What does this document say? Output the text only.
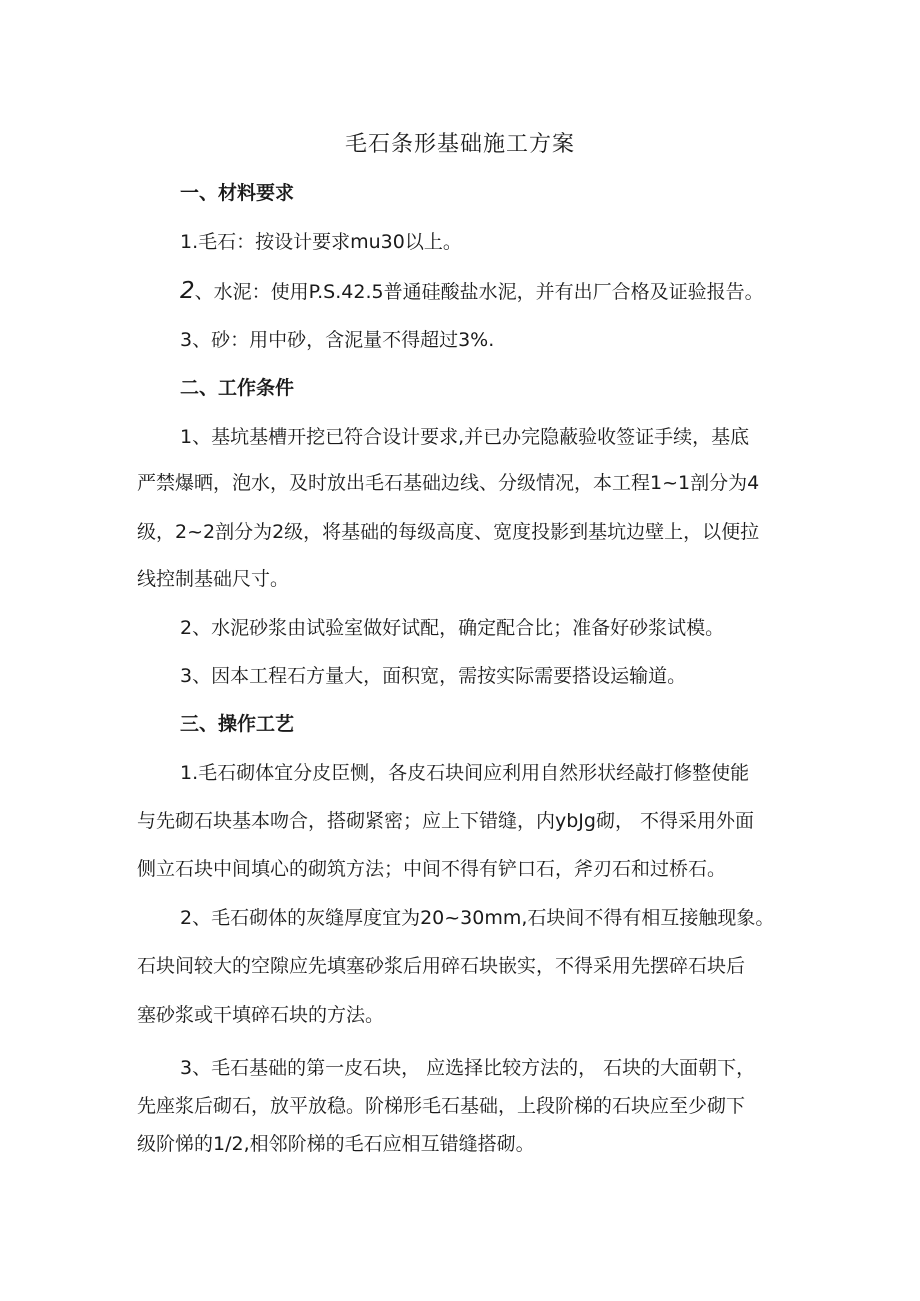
毛石条形基础施工方案
一、材料要求
1.毛石：按设计要求mu30以上。
2、水泥：使用P.S.42.5普通硅酸盐水泥，并有出厂合格及证验报告。
3、砂：用中砂，含泥量不得超过3%.
二、工作条件
1、基坑基槽开挖已符合设计要求,并已办完隐蔽验收签证手续，基底
严禁爆晒，泡水，及时放出毛石基础边线、分级情况，本工程1~1剖分为4
级，2~2剖分为2级，将基础的每级高度、宽度投影到基坑边壁上，以便拉
线控制基础尺寸。
2、水泥砂浆由试验室做好试配，确定配合比；准备好砂浆试模。
3、因本工程石方量大，面积宽，需按实际需要搭设运输道。
三、操作工艺
1.毛石砌体宜分皮臣恻，各皮石块间应利用自然形状经敲打修整使能
与先砌石块基本吻合，搭砌紧密；应上下错缝，内ybJg砌， 不得采用外面
侧立石块中间填心的砌筑方法；中间不得有铲口石，斧刃石和过桥石。
2、毛石砌体的灰缝厚度宜为20~30mm,石块间不得有相互接触现象。
石块间较大的空隙应先填塞砂浆后用碎石块嵌实，不得采用先摆碎石块后
塞砂浆或干填碎石块的方法。
3、毛石基础的第一皮石块， 应选择比较方法的， 石块的大面朝下，
先座浆后砌石，放平放稳。阶梯形毛石基础，上段阶梯的石块应至少砌下
级阶悌的1/2,相邻阶梯的毛石应相互错缝搭砌。
